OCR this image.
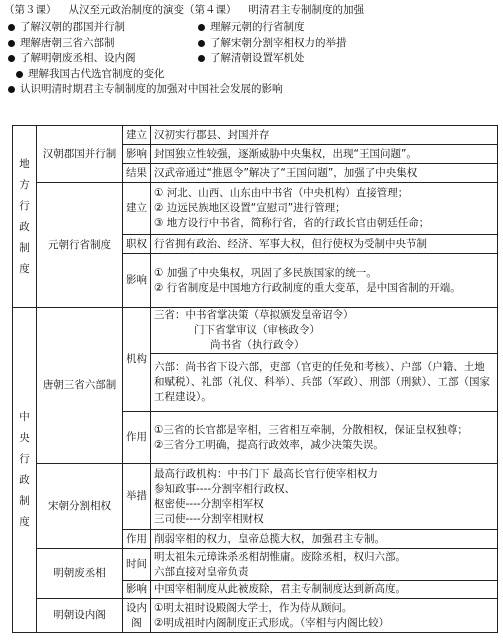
（第３课） 从汉至元政治制度的演变（第４课） 明清君主专制制度的加强
了解汉朝的郡国并行制	理解元朝的行省制度
理解唐朝三省六部制	了解宋朝分割宰相权力的举措
了解明朝废丞相、设内阁	了解清朝设置军机处
理解我国古代选官制度的变化
认识明清时期君主专制制度的加强对中国社会发展的影响
地方行政制度	汉朝郡国并行制	建立	汉初实行郡县、封国并存
		影响	封国独立性较强，逐渐威胁中央集权，出现“王国问题”。
		结果	汉武帝通过“推恩令”解决了“王国问题”，加强了中央集权
	元朝行省制度	建立	① 河北、山西、山东由中书省（中央机构）直接管理；
② 边远民族地区设置“宣慰司”进行管理；
③ 地方设行中书省，简称行省，省的行政长官由朝廷任命；

		职权	行省拥有政治、经济、军事大权，但行使权为受制中央节制
		影响	① 加强了中央集权，巩固了多民族国家的统一。
② 行省制度是中国地方行政制度的重大变革，是中国省制的开端。

中央行政制度	唐朝三省六部制	机构	三省：中书省掌决策（草拟颁发皇帝诏令）
门下省掌审议（审核政令）
尚书省（执行政令）

			六部：尚书省下设六部，吏部（官吏的任免和考核）、户部（户籍、土地和赋税）、礼部（礼仪、科举）、兵部（军政）、刑部（刑狱）、工部（国家工程建设）。
		作用	①三省的长官都是宰相，三省相互牵制，分散相权，保证皇权独尊；
②三省分工明确，提高行政效率，减少决策失误。

	宋朝分割相权	举措	最高行政机构：中书门下 最高长官行使宰相权力
参知政事----分割宰相行政权、
枢密使----分割宰相军权
三司使----分割宰相财权

		作用	削弱宰相的权力，皇帝总揽大权，加强君主专制。
	明朝废丞相	时间	明太祖朱元璋诛杀丞相胡惟庸。废除丞相，权归六部。
六部直接对皇帝负责

		影响	中国宰相制度从此被废除，君主专制制度达到新高度。
	明朝设内阁	设内阁	①明太祖时设殿阁大学士，作为侍从顾问。
②明成祖时内阁制度正式形成。（宰相与内阁比较）
